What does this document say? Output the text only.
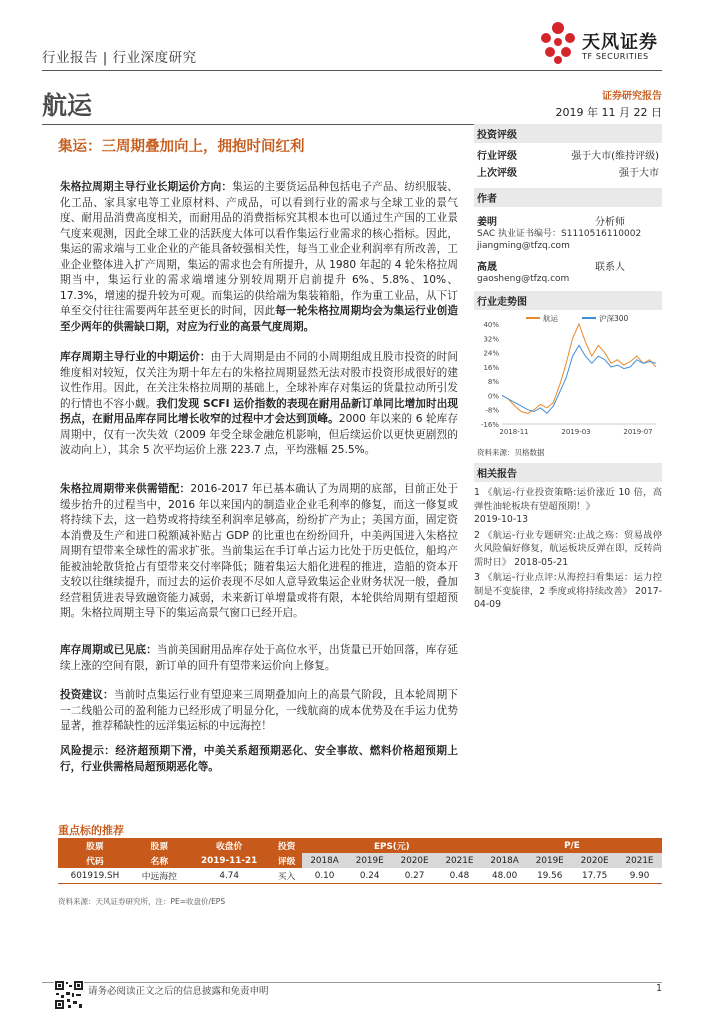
行业报告 | 行业深度研究
天风证券
TF SECURITIES
航运	证券研究报告
2019 年 11 月 22 日
集运：三周期叠加向上，拥抱时间红利
朱格拉周期主导行业长期运价方向：集运的主要货运品种包括电子产品、纺织服装、化工品、家具家电等工业原材料、产成品，可以看到行业的需求与全球工业的景气度、耐用品消费高度相关，而耐用品的消费指标究其根本也可以通过生产国的工业景气度来观测，因此全球工业的活跃度大体可以看作集运行业需求的核心指标。因此，集运的需求端与工业企业的产能具备较强相关性，每当工业企业利润率有所改善，工业企业整体进入扩产周期，集运的需求也会有所提升，从 1980 年起的 4 轮朱格拉周期当中，集运行业的需求端增速分别较周期开启前提升 6%、5.8%、10%、17.3%，增速的提升较为可观。而集运的供给端为集装箱船，作为重工业品，从下订单至交付往往需要两年甚至更长的时间，因此每一轮朱格拉周期均会为集运行业创造至少两年的供需缺口期，对应为行业的高景气度周期。
库存周期主导行业的中期运价：由于大周期是由不同的小周期组成且股市投资的时间维度相对较短，仅关注为期十年左右的朱格拉周期显然无法对股市投资形成很好的建议性作用。因此，在关注朱格拉周期的基础上，全球补库存对集运的货量拉动所引发的行情也不容小觑。我们发现 SCFI 运价指数的表现在耐用品新订单同比增加时出现拐点，在耐用品库存同比增长收窄的过程中才会达到顶峰。2000 年以来的 6 轮库存周期中，仅有一次失效（2009 年受全球金融危机影响，但后续运价以更快更剧烈的波动向上），其余 5 次平均运价上涨 223.7 点，平均涨幅 25.5%。
朱格拉周期带来供需错配：2016-2017 年已基本确认了为周期的底部，目前正处于缓步抬升的过程当中，2016 年以来国内的制造业企业毛利率的修复，而这一修复或将持续下去，这一趋势或将持续至利润率足够高，纷纷扩产为止；美国方面，固定资本消费及生产和进口税额减补贴占 GDP 的比重也在纷纷回升，中美两国进入朱格拉周期有望带来全球性的需求扩张。当前集运在手订单占运力比处于历史低位，船坞产能被油轮散货抢占有望带来交付率降低；随着集运大船化进程的推进，造船的资本开支较以往继续提升，而过去的运价表现不尽如人意导致集运企业财务状况一般，叠加经营租赁进表导致融资能力减弱，未来新订单增量或将有限，本轮供给周期有望超预期。朱格拉周期主导下的集运高景气窗口已经开启。
库存周期或已见底：当前美国耐用品库存处于高位水平，出货量已开始回落，库存延续上涨的空间有限，新订单的回升有望带来运价向上修复。
投资建议：当前时点集运行业有望迎来三周期叠加向上的高景气阶段，且本轮周期下一二线船公司的盈利能力已经形成了明显分化，一线航商的成本优势及在手运力优势显著，推荐稀缺性的远洋集运标的中远海控！
风险提示：经济超预期下滑，中美关系超预期恶化、安全事故、燃料价格超预期上行，行业供需格局超预期恶化等。
投资评级
行业评级	强于大市(维持评级)
上次评级	强于大市
作者
姜明	分析师
SAC 执业证书编号：S1110516110002
jiangming@tfzq.com
高晟	联系人
gaosheng@tfzq.com
行业走势图
40%
32%
24%
16%
8%
0%
-8%
-16%
2018-11	2019-03	2019-07
航运	沪深300
资料来源：贝格数据
相关报告
1 《航运-行业投资策略:运价涨近 10 倍，高弹性油轮板块有望超预期！》
2019-10-13
2 《航运-行业专题研究:止战之殇：贸易战停火风险偏好修复，航运板块反弹在即，反转尚需时日》 2018-05-21
3 《航运-行业点评:从海控扫看集运：运力控制是不变旋律，2 季度或将持续改善》 2017-04-09
重点标的推荐
股票	股票	收盘价	投资	EPS(元)				P/E			
代码	名称	2019-11-21	评级	2018A	2019E	2020E	2021E	2018A	2019E	2020E	2021E
601919.SH	中远海控	4.74	买入	0.10	0.24	0.27	0.48	48.00	19.56	17.75	9.90
资料来源：天风证券研究所，注：PE=收盘价/EPS
请务必阅读正文之后的信息披露和免责申明	1
